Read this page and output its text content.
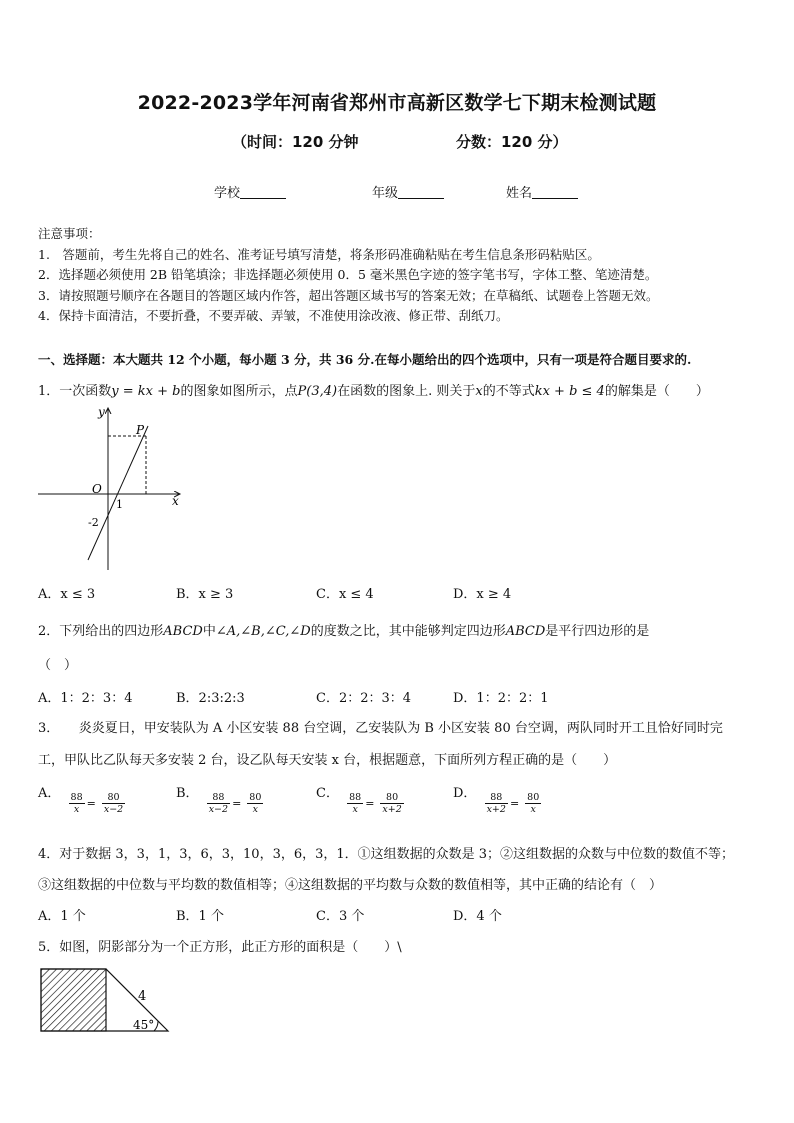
2022-2023学年河南省郑州市高新区数学七下期末检测试题
（时间：120 分钟	分数：120 分）
学校	年级	姓名
注意事项：
1.　答题前，考生先将自己的姓名、准考证号填写清楚，将条形码准确粘贴在考生信息条形码粘贴区。
2．选择题必须使用 2B 铅笔填涂；非选择题必须使用 0．5 毫米黑色字迹的签字笔书写，字体工整、笔迹清楚。
3．请按照题号顺序在各题目的答题区域内作答，超出答题区域书写的答案无效；在草稿纸、试题卷上答题无效。
4．保持卡面清洁，不要折叠，不要弄破、弄皱，不准使用涂改液、修正带、刮纸刀。
一、选择题：本大题共 12 个小题，每小题 3 分，共 36 分.在每小题给出的四个选项中，只有一项是符合题目要求的.
1．一次函数y = kx + b的图象如图所示，点P(3,4)在函数的图象上. 则关于x的不等式kx + b ≤ 4的解集是（　　）
y
x
O
P
1
-2
A．x ≤ 3	B．x ≥ 3	C．x ≤ 4	D．x ≥ 4
2．下列给出的四边形ABCD中∠A,∠B,∠C,∠D的度数之比，其中能够判定四边形ABCD是平行四边形的是
（　）
A．1：2：3：4	B．2:3:2:3	C．2：2：3：4	D．1：2：2：1
3．　　炎炎夏日，甲安装队为 A 小区安装 88 台空调，乙安装队为 B 小区安装 80 台空调，两队同时开工且恰好同时完
工，甲队比乙队每天多安装 2 台，设乙队每天安装 x 台，根据题意，下面所列方程正确的是（　　）
A． $\frac{88}{x} = \frac{80}{x-2}$	B． $\frac{88}{x-2} = \frac{80}{x}$	C． $\frac{88}{x} = \frac{80}{x+2}$	D． $\frac{88}{x+2} = \frac{80}{x}$
4．对于数据 3，3，1，3，6，3，10，3，6，3，1．①这组数据的众数是 3；②这组数据的众数与中位数的数值不等；
③这组数据的中位数与平均数的数值相等；④这组数据的平均数与众数的数值相等，其中正确的结论有（　）
A．1 个	B．1 个	C．3 个	D．4 个
5．如图，阴影部分为一个正方形，此正方形的面积是（　　）\
4
45°
